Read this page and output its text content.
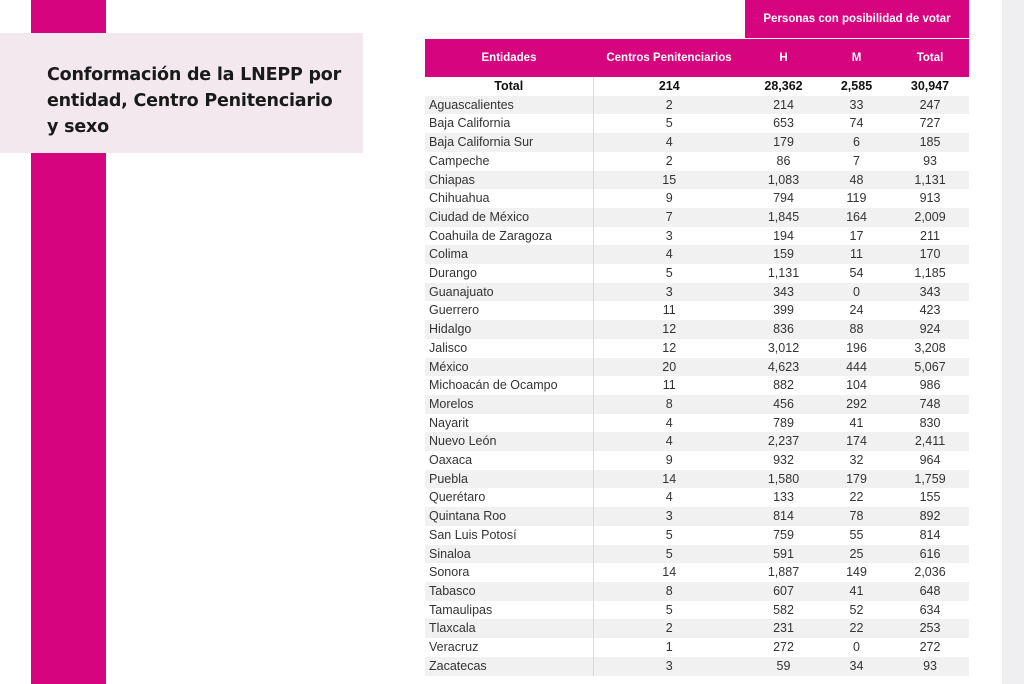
Conformación de la LNEPP por entidad, Centro Penitenciario y sexo
		Personas con posibilidad de votar		
Entidades	Centros Penitenciarios	H	M	Total
Total	214	28,362	2,585	30,947
Aguascalientes	2	214	33	247
Baja California	5	653	74	727
Baja California Sur	4	179	6	185
Campeche	2	86	7	93
Chiapas	15	1,083	48	1,131
Chihuahua	9	794	119	913
Ciudad de México	7	1,845	164	2,009
Coahuila de Zaragoza	3	194	17	211
Colima	4	159	11	170
Durango	5	1,131	54	1,185
Guanajuato	3	343	0	343
Guerrero	11	399	24	423
Hidalgo	12	836	88	924
Jalisco	12	3,012	196	3,208
México	20	4,623	444	5,067
Michoacán de Ocampo	11	882	104	986
Morelos	8	456	292	748
Nayarit	4	789	41	830
Nuevo León	4	2,237	174	2,411
Oaxaca	9	932	32	964
Puebla	14	1,580	179	1,759
Querétaro	4	133	22	155
Quintana Roo	3	814	78	892
San Luis Potosí	5	759	55	814
Sinaloa	5	591	25	616
Sonora	14	1,887	149	2,036
Tabasco	8	607	41	648
Tamaulipas	5	582	52	634
Tlaxcala	2	231	22	253
Veracruz	1	272	0	272
Zacatecas	3	59	34	93
